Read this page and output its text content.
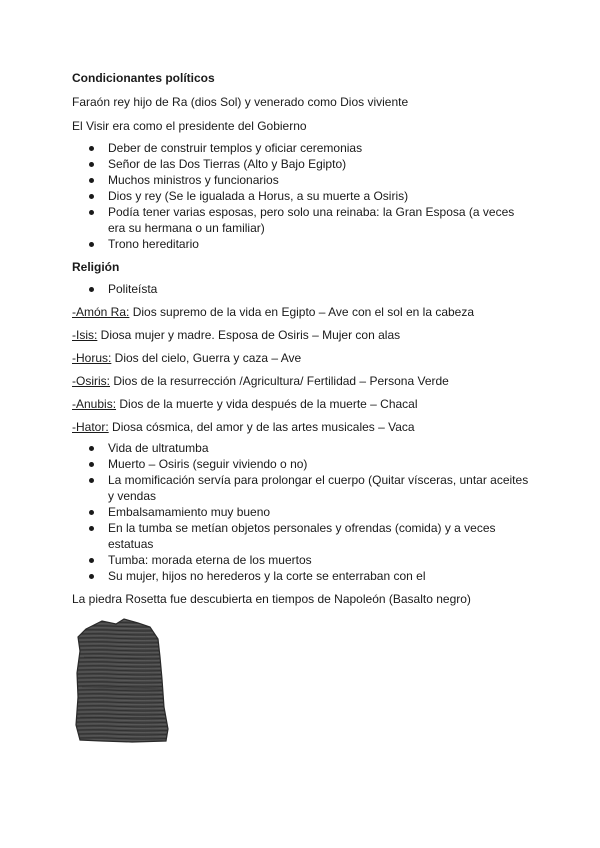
Condicionantes políticos

Faraón rey hijo de Ra (dios Sol) y venerado como Dios viviente

El Visir era como el presidente del Gobierno

Deber de construir templos y oficiar ceremonias
Señor de las Dos Tierras (Alto y Bajo Egipto)
Muchos ministros y funcionarios
Dios y rey (Se le igualada a Horus, a su muerte a Osiris)
Podía tener varias esposas, pero solo una reinaba: la Gran Esposa (a veces era su hermana o un familiar)
Trono hereditario
Religión
Politeísta

-Amón Ra: Dios supremo de la vida en Egipto – Ave con el sol en la cabeza

-Isis: Diosa mujer y madre. Esposa de Osiris – Mujer con alas

-Horus: Dios del cielo, Guerra y caza – Ave

-Osiris: Dios de la resurrección /Agricultura/ Fertilidad – Persona Verde

-Anubis: Dios de la muerte y vida después de la muerte – Chacal

-Hator: Diosa cósmica, del amor y de las artes musicales – Vaca

Vida de ultratumba
Muerto – Osiris (seguir viviendo o no)
La momificación servía para prolongar el cuerpo (Quitar vísceras, untar aceites y vendas
Embalsamamiento muy bueno
En la tumba se metían objetos personales y ofrendas (comida) y a veces estatuas
Tumba: morada eterna de los muertos
Su mujer, hijos no herederos y la corte se enterraban con el

La piedra Rosetta fue descubierta en tiempos de Napoleón (Basalto negro)
